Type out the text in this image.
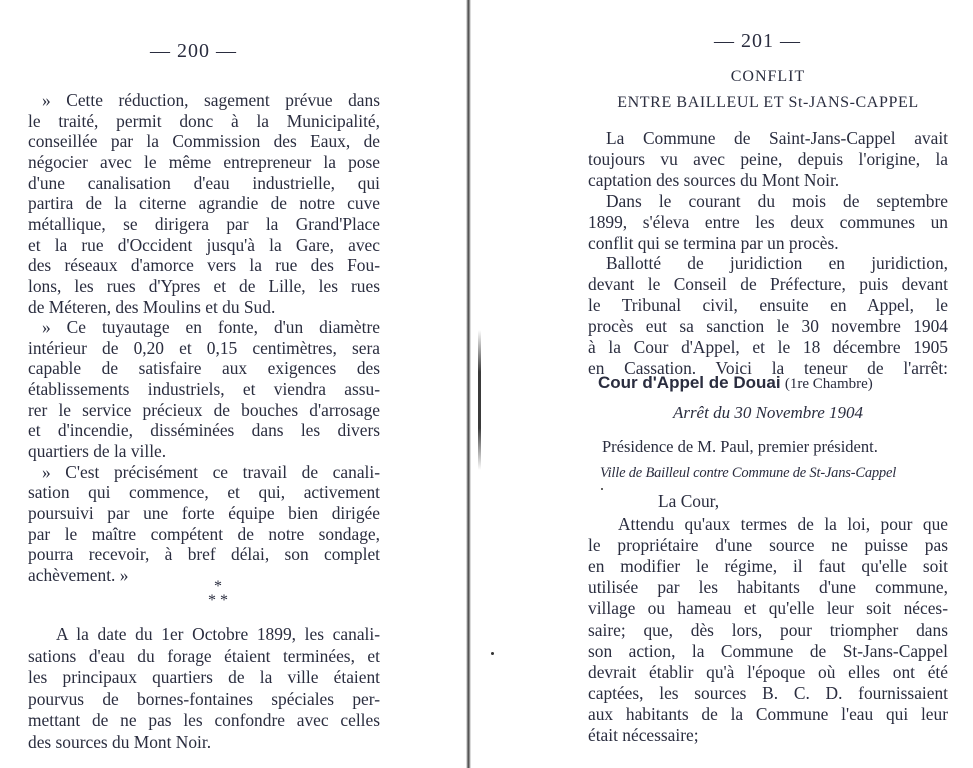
— 200 —
» Cette réduction, sagement prévue dans
le traité, permit donc à la Municipalité,
conseillée par la Commission des Eaux, de
négocier avec le même entrepreneur la pose
d'une canalisation d'eau industrielle, qui
partira de la citerne agrandie de notre cuve
métallique, se dirigera par la Grand'Place
et la rue d'Occident jusqu'à la Gare, avec
des réseaux d'amorce vers la rue des Fou-
lons, les rues d'Ypres et de Lille, les rues
de Méteren, des Moulins et du Sud.
» Ce tuyautage en fonte, d'un diamètre
intérieur de 0,20 et 0,15 centimètres, sera
capable de satisfaire aux exigences des
établissements industriels, et viendra assu-
rer le service précieux de bouches d'arrosage
et d'incendie, disséminées dans les divers
quartiers de la ville.
» C'est précisément ce travail de canali-
sation qui commence, et qui, activement
poursuivi par une forte équipe bien dirigée
par le maître compétent de notre sondage,
pourra recevoir, à bref délai, son complet
achèvement. »
*
* *
A la date du 1er Octobre 1899, les canali-
sations d'eau du forage étaient terminées, et
les principaux quartiers de la ville étaient
pourvus de bornes-fontaines spéciales per-
mettant de ne pas les confondre avec celles
des sources du Mont Noir.
— 201 —
CONFLIT
ENTRE BAILLEUL ET St-JANS-CAPPEL
La Commune de Saint-Jans-Cappel avait
toujours vu avec peine, depuis l'origine, la
captation des sources du Mont Noir.
Dans le courant du mois de septembre
1899, s'éleva entre les deux communes un
conflit qui se termina par un procès.
Ballotté de juridiction en juridiction,
devant le Conseil de Préfecture, puis devant
le Tribunal civil, ensuite en Appel, le
procès eut sa sanction le 30 novembre 1904
à la Cour d'Appel, et le 18 décembre 1905
en Cassation. Voici la teneur de l'arrêt:
Cour d'Appel de Douai (1re Chambre)
Arrêt du 30 Novembre 1904
Présidence de M. Paul, premier président.
Ville de Bailleul contre Commune de St-Jans-Cappel
La Cour,
Attendu qu'aux termes de la loi, pour que
le propriétaire d'une source ne puisse pas
en modifier le régime, il faut qu'elle soit
utilisée par les habitants d'une commune,
village ou hameau et qu'elle leur soit néces-
saire; que, dès lors, pour triompher dans
son action, la Commune de St-Jans-Cappel
devrait établir qu'à l'époque où elles ont été
captées, les sources B. C. D. fournissaient
aux habitants de la Commune l'eau qui leur
était nécessaire;
